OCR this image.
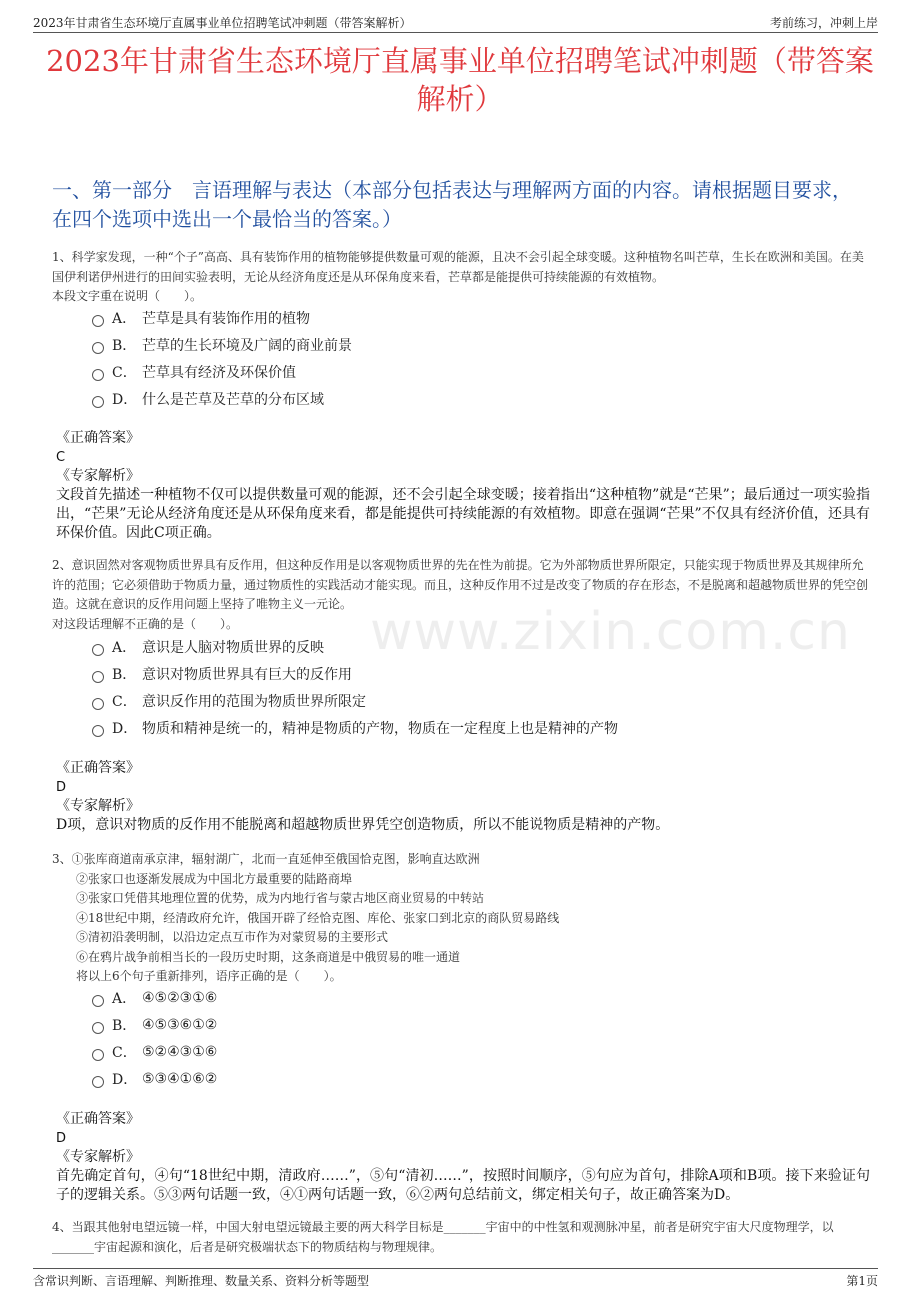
2023年甘肃省生态环境厅直属事业单位招聘笔试冲刺题（带答案解析）	考前练习，冲刺上岸
2023年甘肃省生态环境厅直属事业单位招聘笔试冲刺题（带答案解析）
一、第一部分　言语理解与表达（本部分包括表达与理解两方面的内容。请根据题目要求，在四个选项中选出一个最恰当的答案。）
www.zixin.com.cn
1、科学家发现，一种“个子”高高、具有装饰作用的植物能够提供数量可观的能源，且决不会引起全球变暖。这种植物名叫芒草，生长在欧洲和美国。在美国伊利诺伊州进行的田间实验表明，无论从经济角度还是从环保角度来看，芒草都是能提供可持续能源的有效植物。
本段文字重在说明（　　）。
A． 芒草是具有装饰作用的植物
B． 芒草的生长环境及广阔的商业前景
C． 芒草具有经济及环保价值
D． 什么是芒草及芒草的分布区域
《正确答案》
C
《专家解析》
文段首先描述一种植物不仅可以提供数量可观的能源，还不会引起全球变暖；接着指出“这种植物”就是“芒果”；最后通过一项实验指出，“芒果”无论从经济角度还是从环保角度来看，都是能提供可持续能源的有效植物。即意在强调“芒果”不仅具有经济价值，还具有环保价值。因此C项正确。
2、意识固然对客观物质世界具有反作用，但这种反作用是以客观物质世界的先在性为前提。它为外部物质世界所限定，只能实现于物质世界及其规律所允许的范围；它必须借助于物质力量，通过物质性的实践活动才能实现。而且，这种反作用不过是改变了物质的存在形态，不是脱离和超越物质世界的凭空创造。这就在意识的反作用问题上坚持了唯物主义一元论。
对这段话理解不正确的是（　　）。
A． 意识是人脑对物质世界的反映
B． 意识对物质世界具有巨大的反作用
C． 意识反作用的范围为物质世界所限定
D． 物质和精神是统一的，精神是物质的产物，物质在一定程度上也是精神的产物
《正确答案》
D
《专家解析》
D项，意识对物质的反作用不能脱离和超越物质世界凭空创造物质，所以不能说物质是精神的产物。
3、①张库商道南承京津，辐射湖广，北而一直延伸至俄国恰克图，影响直达欧洲
②张家口也逐渐发展成为中国北方最重要的陆路商埠
③张家口凭借其地理位置的优势，成为内地行省与蒙古地区商业贸易的中转站
④18世纪中期，经清政府允许，俄国开辟了经恰克图、库伦、张家口到北京的商队贸易路线
⑤清初沿袭明制，以沿边定点互市作为对蒙贸易的主要形式
⑥在鸦片战争前相当长的一段历史时期，这条商道是中俄贸易的唯一通道
将以上6个句子重新排列，语序正确的是（　　）。
A． ④⑤②③①⑥
B． ④⑤③⑥①②
C． ⑤②④③①⑥
D． ⑤③④①⑥②
《正确答案》
D
《专家解析》
首先确定首句，④句“18世纪中期，清政府……”，⑤句“清初……”，按照时间顺序，⑤句应为首句，排除A项和B项。接下来验证句子的逻辑关系。⑤③两句话题一致，④①两句话题一致，⑥②两句总结前文，绑定相关句子，故正确答案为D。
4、当跟其他射电望远镜一样，中国大射电望远镜最主要的两大科学目标是_______宇宙中的中性氢和观测脉冲星，前者是研究宇宙大尺度物理学，以_______宇宙起源和演化，后者是研究极端状态下的物质结构与物理规律。
含常识判断、言语理解、判断推理、数量关系、资料分析等题型	第1页
